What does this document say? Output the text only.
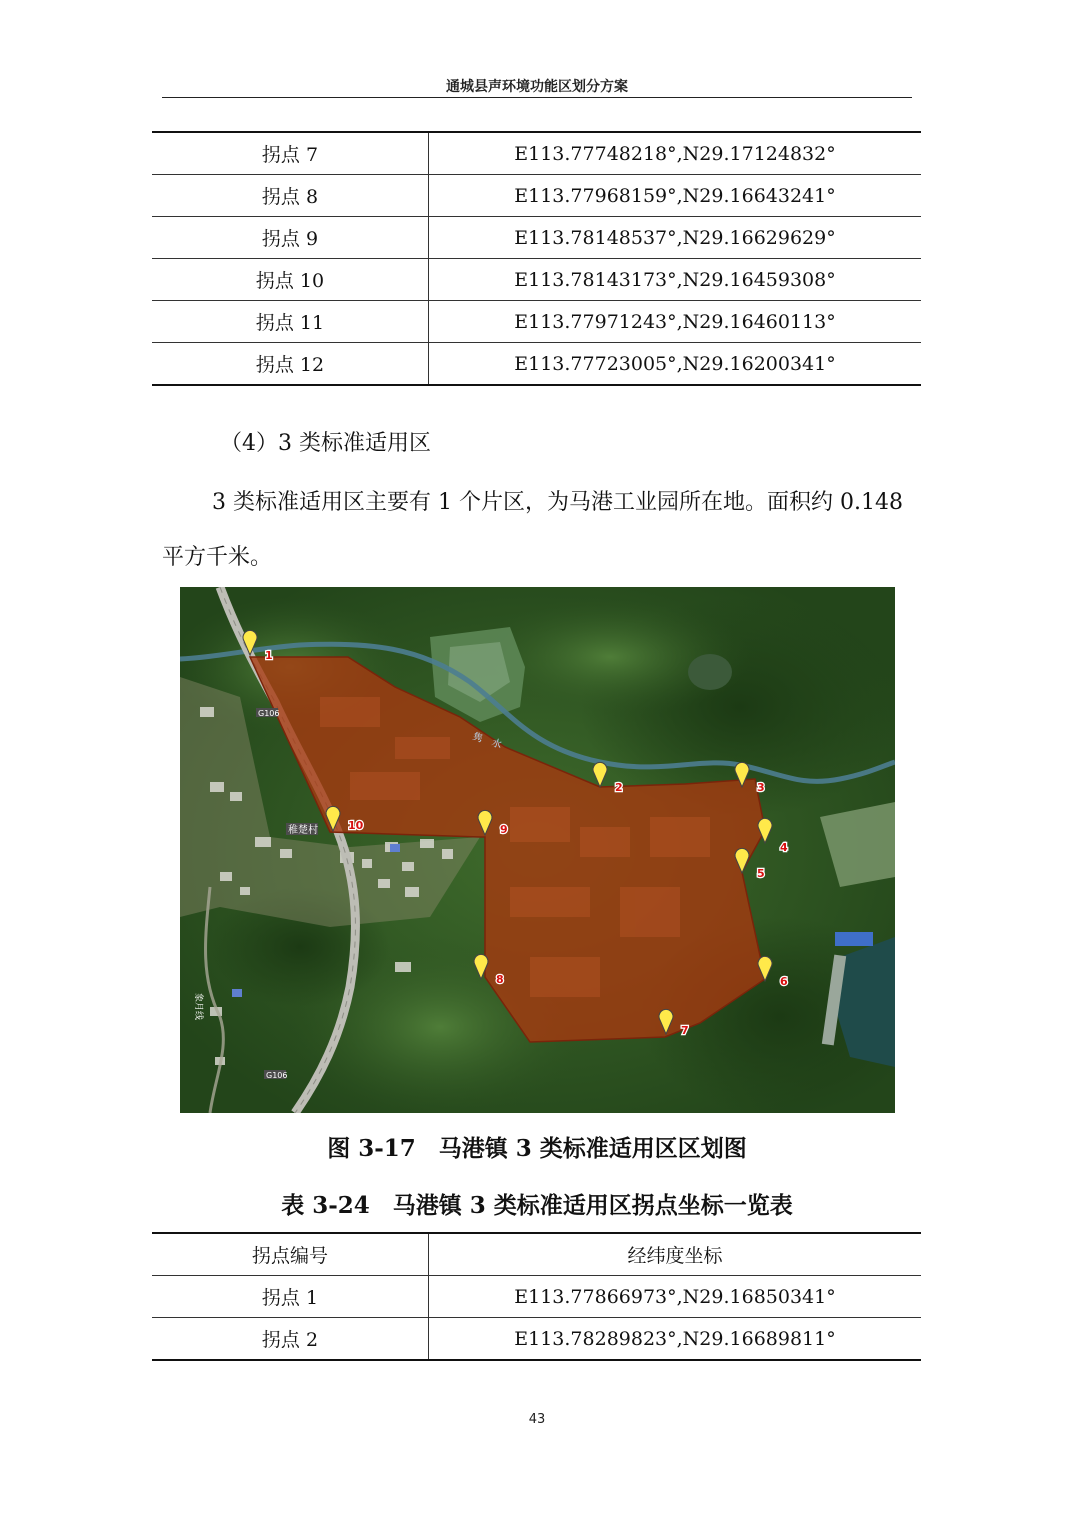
通城县声环境功能区划分方案
拐点 7	E113.77748218°,N29.17124832°
拐点 8	E113.77968159°,N29.16643241°
拐点 9	E113.78148537°,N29.16629629°
拐点 10	E113.78143173°,N29.16459308°
拐点 11	E113.77971243°,N29.16460113°
拐点 12	E113.77723005°,N29.16200341°
（4）3 类标准适用区
3 类标准适用区主要有 1 个片区，为马港工业园所在地。面积约 0.148 平方千米。
G106
G106
稚楚村
隽　水
象月线
1
2	3
4
5
6
7
8
9
10
图 3-17　马港镇 3 类标准适用区区划图
表 3-24　马港镇 3 类标准适用区拐点坐标一览表
拐点编号	经纬度坐标
拐点 1	E113.77866973°,N29.16850341°
拐点 2	E113.78289823°,N29.16689811°
43
